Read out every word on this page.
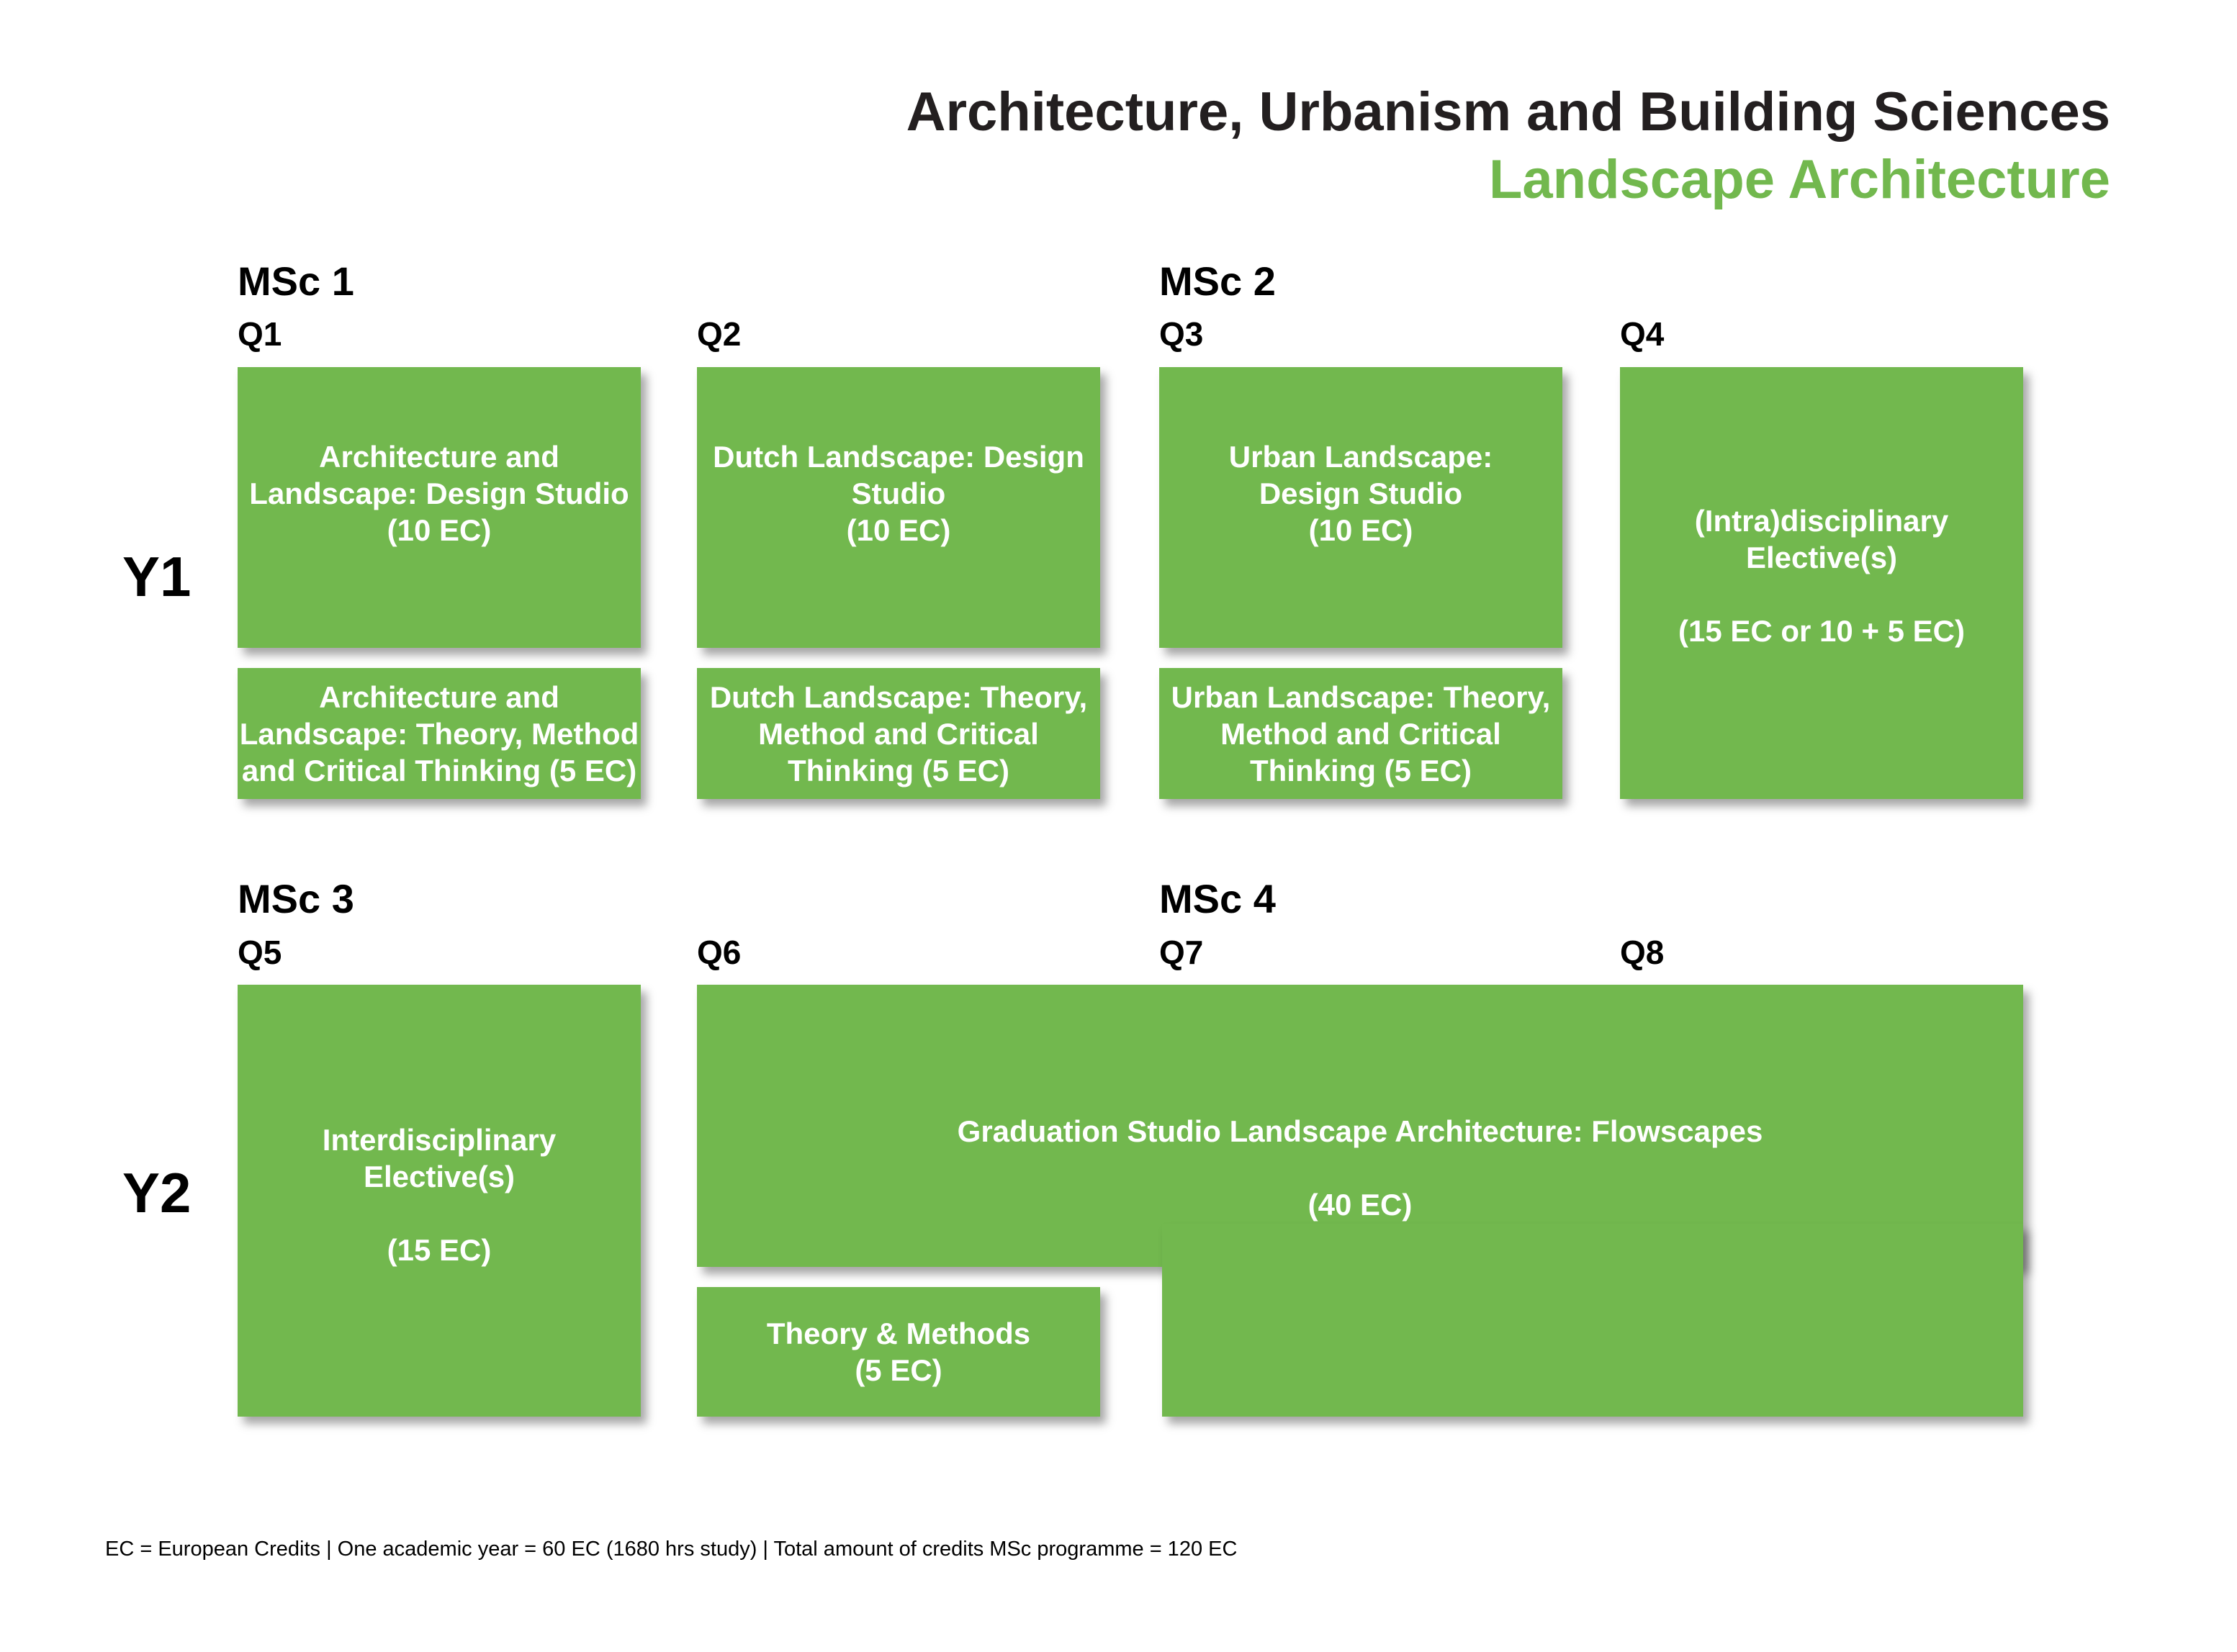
Architecture, Urbanism and Building Sciences
Landscape Architecture
MSc 1	MSc 2
Q1	Q2	Q3	Q4
Y1
Architecture and
Landscape: Design Studio
(10 EC)
Architecture and
Landscape: Theory, Method
and Critical Thinking (5 EC)
Dutch Landscape: Design
Studio
(10 EC)
Dutch Landscape: Theory,
Method and Critical
Thinking (5 EC)
Urban Landscape:
Design Studio
(10 EC)
Urban Landscape: Theory,
Method and Critical
Thinking (5 EC)
(Intra)disciplinary
Elective(s)
(15 EC or 10 + 5 EC)
MSc 3	MSc 4
Q5	Q6	Q7	Q8
Y2
Interdisciplinary
Elective(s)
(15 EC)
Graduation Studio Landscape Architecture: Flowscapes
(40 EC)
Theory & Methods
(5 EC)
EC = European Credits | One academic year = 60 EC (1680 hrs study) | Total amount of credits MSc programme = 120 EC
